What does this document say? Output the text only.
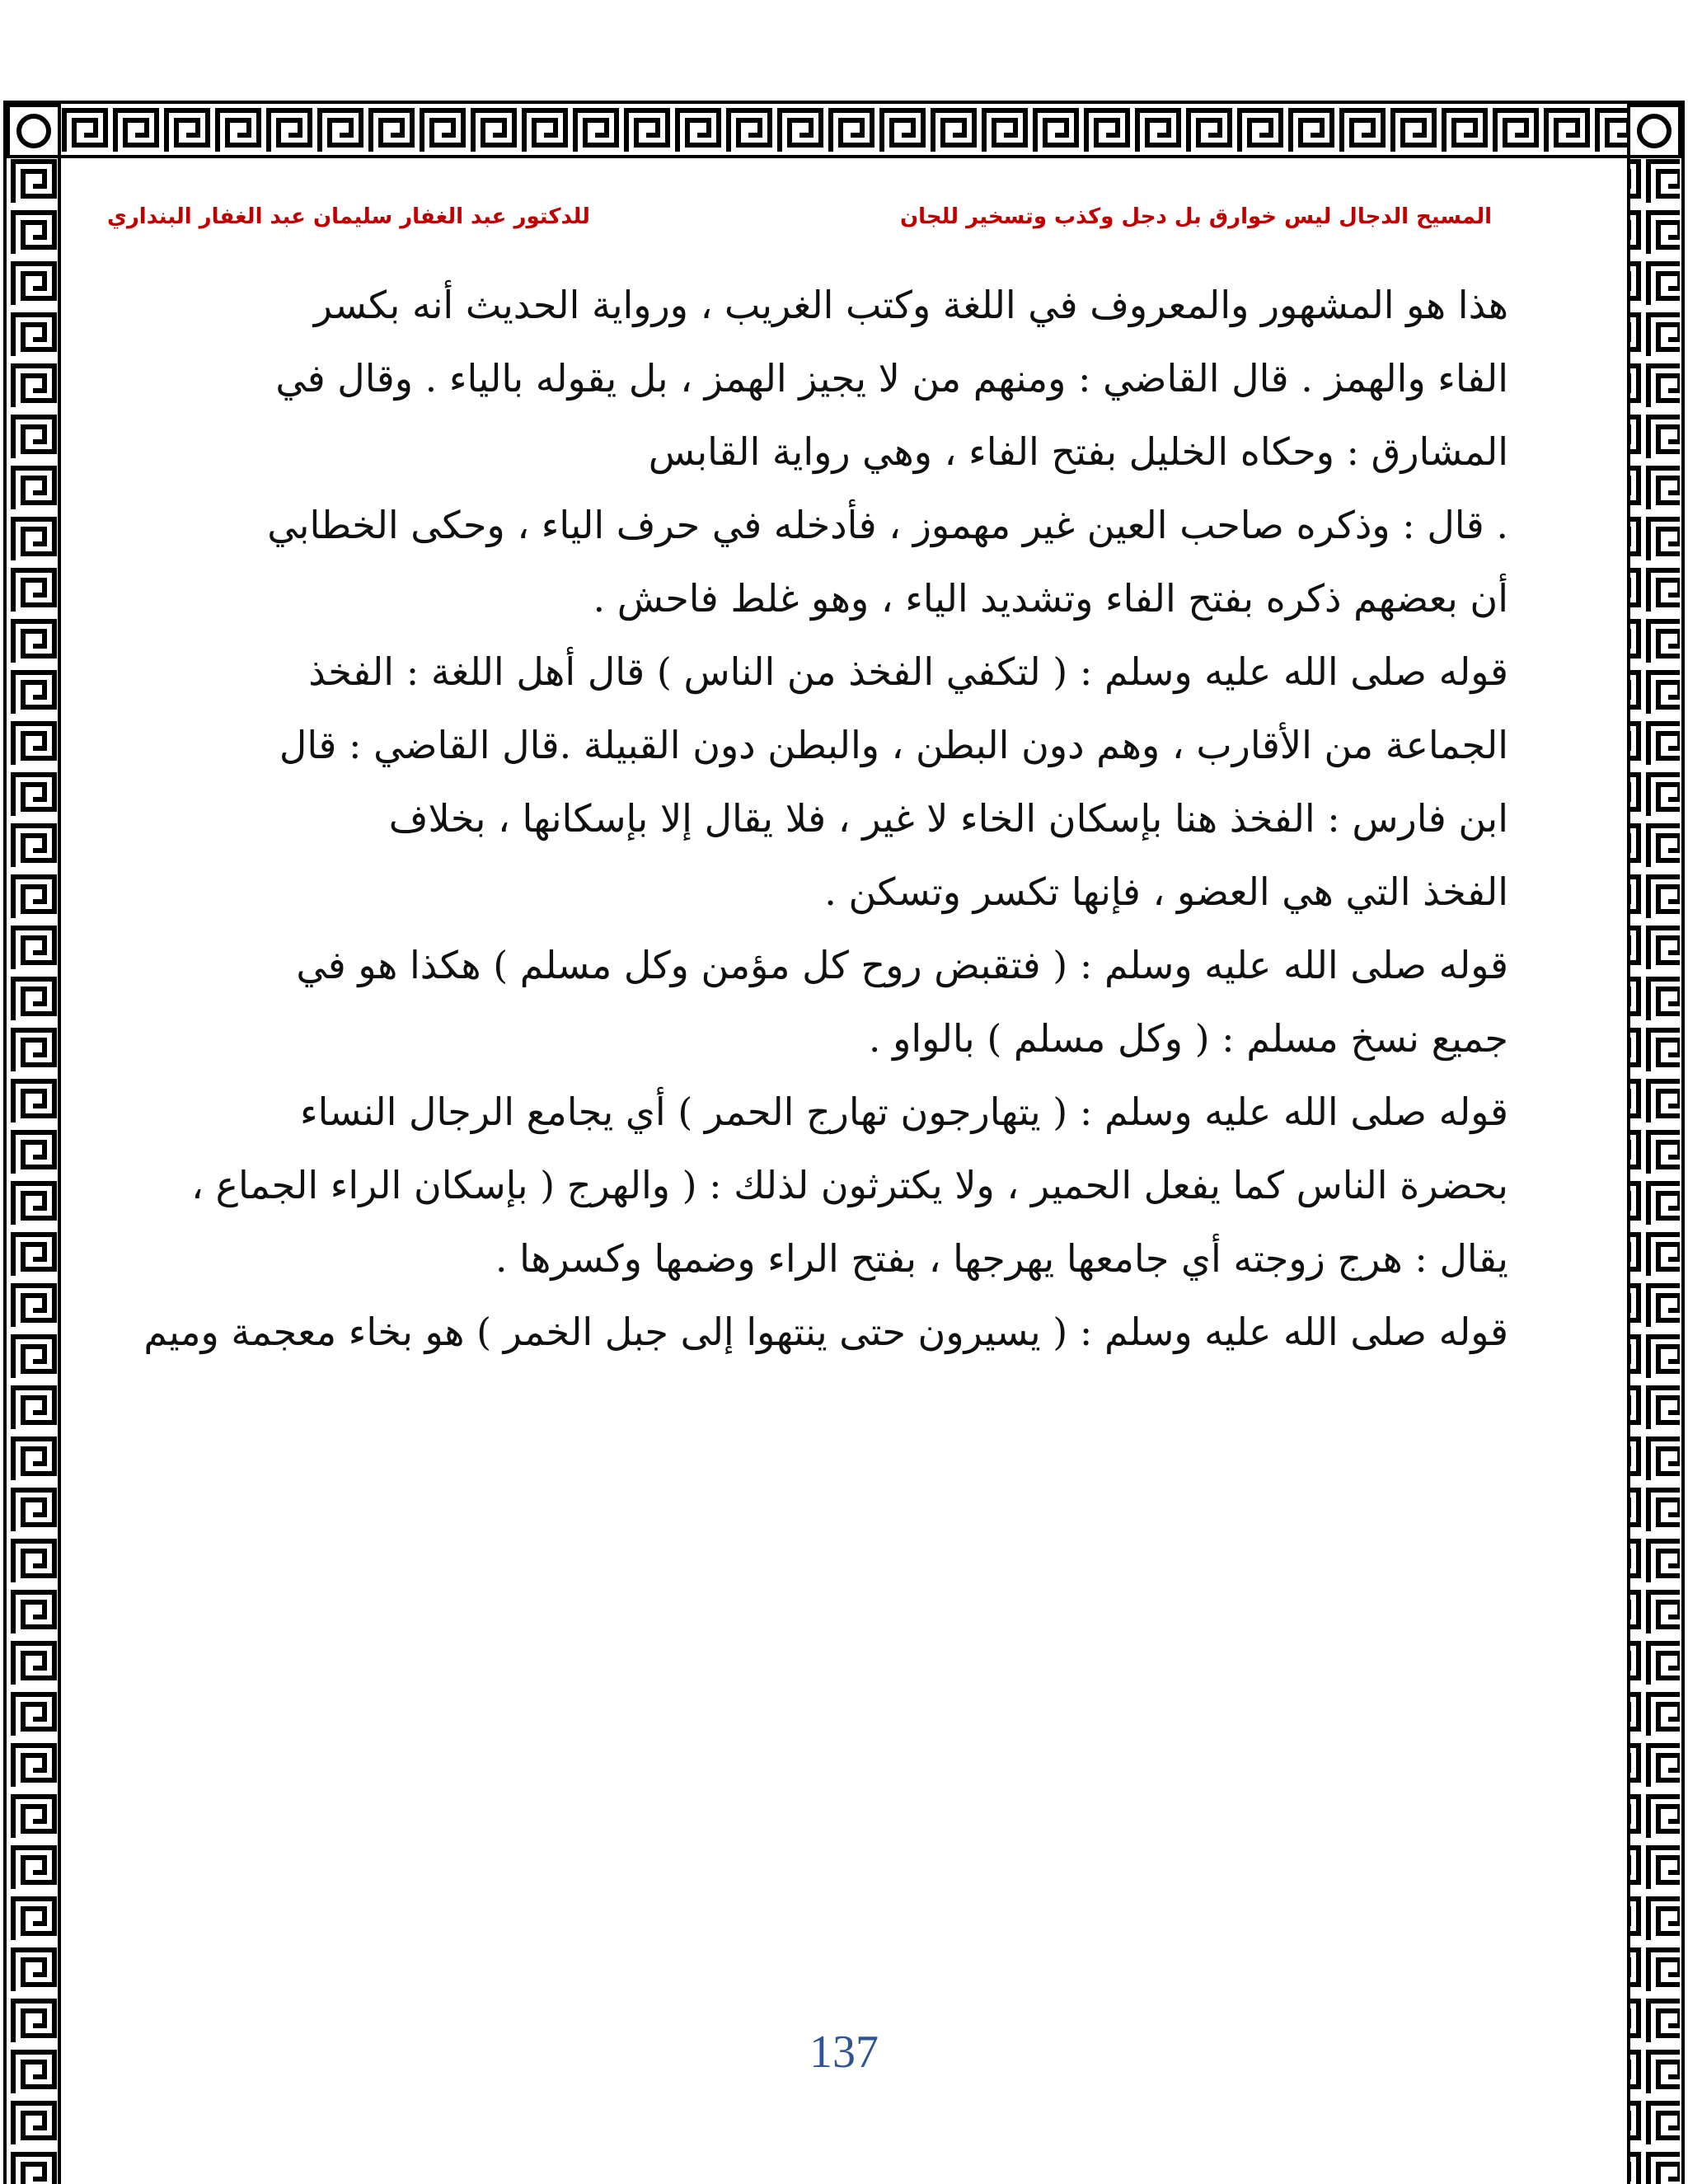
المسيح الدجال ليس خوارق بل دجل وكذب وتسخير للجان
للدكتور عبد الغفار سليمان عبد الغفار البنداري
هذا هو المشهور والمعروف في اللغة وكتب الغريب ، ورواية الحديث أنه بكسر
الفاء والهمز . قال القاضي : ومنهم من لا يجيز الهمز ، بل يقوله بالياء . وقال في
المشارق : وحكاه الخليل بفتح الفاء ، وهي رواية القابس
. قال : وذكره صاحب العين غير مهموز ، فأدخله في حرف الياء ، وحكى الخطابي
أن بعضهم ذكره بفتح الفاء وتشديد الياء ، وهو غلط فاحش .
قوله صلى الله عليه وسلم : ( لتكفي الفخذ من الناس ) قال أهل اللغة : الفخذ
الجماعة من الأقارب ، وهم دون البطن ، والبطن دون القبيلة .قال القاضي : قال
ابن فارس : الفخذ هنا بإسكان الخاء لا غير ، فلا يقال إلا بإسكانها ، بخلاف
الفخذ التي هي العضو ، فإنها تكسر وتسكن .
قوله صلى الله عليه وسلم : ( فتقبض روح كل مؤمن وكل مسلم ) هكذا هو في
جميع نسخ مسلم : ( وكل مسلم ) بالواو .
قوله صلى الله عليه وسلم : ( يتهارجون تهارج الحمر ) أي يجامع الرجال النساء
بحضرة الناس كما يفعل الحمير ، ولا يكترثون لذلك : ( والهرج ( بإسكان الراء الجماع ،
يقال : هرج زوجته أي جامعها يهرجها ، بفتح الراء وضمها وكسرها .
قوله صلى الله عليه وسلم : ( يسيرون حتى ينتهوا إلى جبل الخمر ) هو بخاء معجمة وميم
137
